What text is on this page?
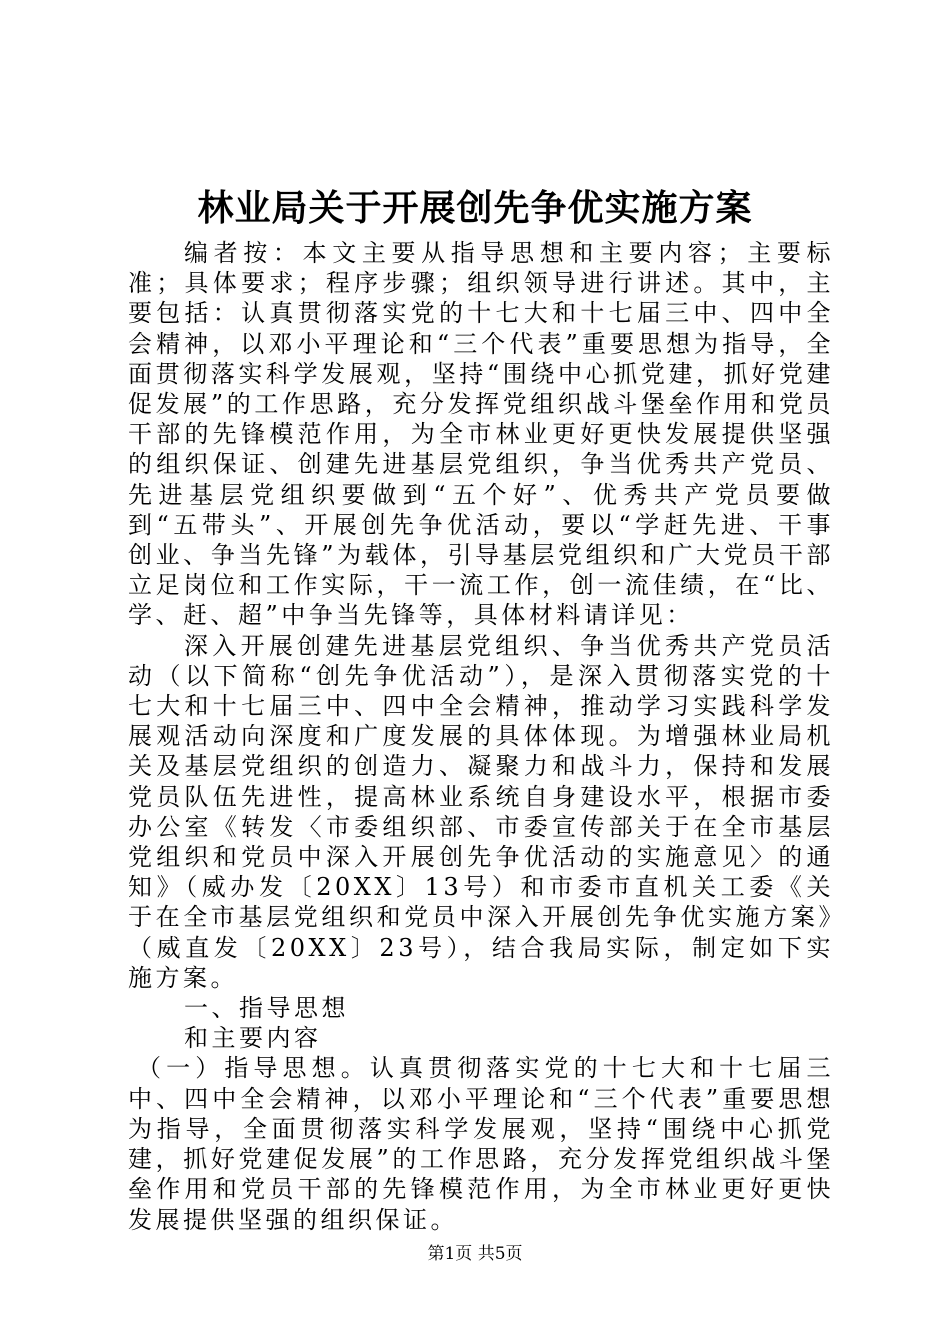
林业局关于开展创先争优实施方案

编者按：本文主要从指导思想和主要内容；主要标准；具体要求；程序步骤；组织领导进行讲述。其中，主要包括：认真贯彻落实党的十七大和十七届三中、四中全会精神，以邓小平理论和“三个代表”重要思想为指导，全面贯彻落实科学发展观，坚持“围绕中心抓党建，抓好党建促发展”的工作思路，充分发挥党组织战斗堡垒作用和党员干部的先锋模范作用，为全市林业更好更快发展提供坚强的组织保证、创建先进基层党组织，争当优秀共产党员、先进基层党组织要做到“五个好”、优秀共产党员要做到“五带头”、开展创先争优活动，要以“学赶先进、干事创业、争当先锋”为载体，引导基层党组织和广大党员干部立足岗位和工作实际，干一流工作，创一流佳绩，在“比、学、赶、超”中争当先锋等，具体材料请详见：

深入开展创建先进基层党组织、争当优秀共产党员活动（以下简称“创先争优活动”），是深入贯彻落实党的十七大和十七届三中、四中全会精神，推动学习实践科学发展观活动向深度和广度发展的具体体现。为增强林业局机关及基层党组织的创造力、凝聚力和战斗力，保持和发展党员队伍先进性，提高林业系统自身建设水平，根据市委办公室《转发〈市委组织部、市委宣传部关于在全市基层党组织和党员中深入开展创先争优活动的实施意见〉的通知》（威办发〔20XX〕13号）和市委市直机关工委《关于在全市基层党组织和党员中深入开展创先争优实施方案》（威直发〔20XX〕23号），结合我局实际，制定如下实施方案。

一、指导思想

和主要内容

（一）指导思想。认真贯彻落实党的十七大和十七届三中、四中全会精神，以邓小平理论和“三个代表”重要思想为指导，全面贯彻落实科学发展观，坚持“围绕中心抓党建，抓好党建促发展”的工作思路，充分发挥党组织战斗堡垒作用和党员干部的先锋模范作用，为全市林业更好更快发展提供坚强的组织保证。

第1页 共5页
